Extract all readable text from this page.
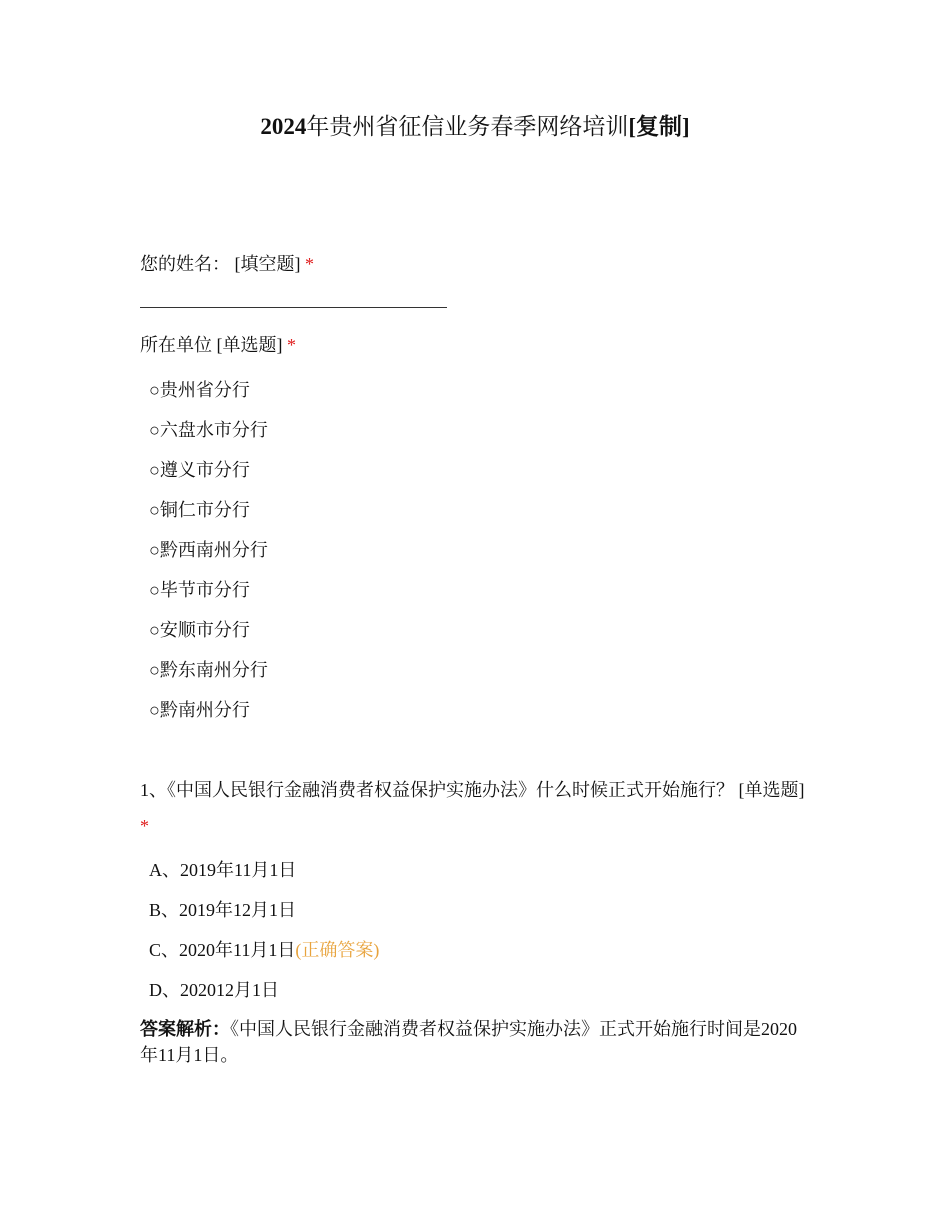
2024年贵州省征信业务春季网络培训[复制]
您的姓名： [填空题] *
所在单位 [单选题] *
○贵州省分行
○六盘水市分行
○遵义市分行
○铜仁市分行
○黔西南州分行
○毕节市分行
○安顺市分行
○黔东南州分行
○黔南州分行
1、《中国人民银行金融消费者权益保护实施办法》什么时候正式开始施行？ [单选题] *
A、2019年11月1日
B、2019年12月1日
C、2020年11月1日(正确答案)
D、202012月1日
答案解析：《中国人民银行金融消费者权益保护实施办法》正式开始施行时间是2020年11月1日。
